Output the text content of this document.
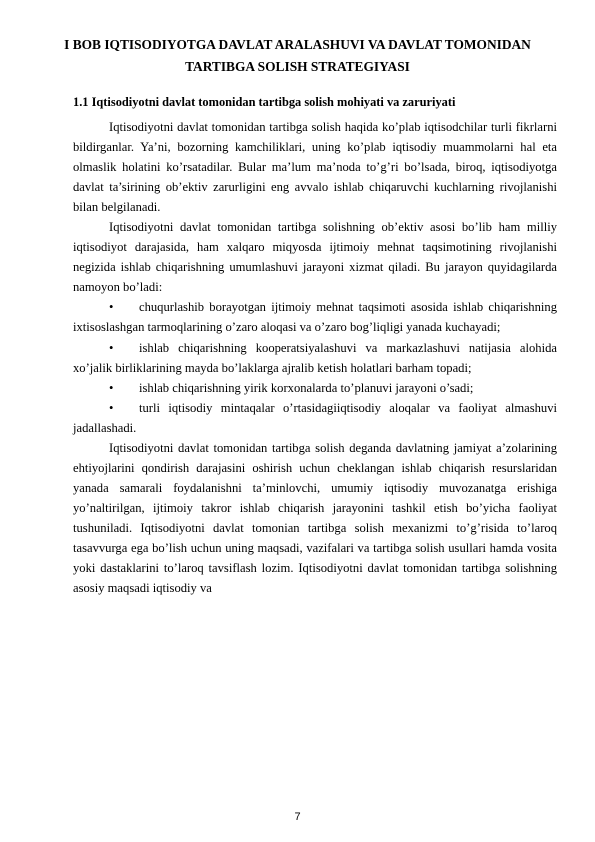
I BOB IQTISODIYOTGA DAVLAT ARALASHUVI VA DAVLAT TOMONIDAN TARTIBGA SOLISH STRATEGIYASI
1.1 Iqtisodiyotni davlat tomonidan tartibga solish mohiyati va zaruriyati

Iqtisodiyotni davlat tomonidan tartibga solish haqida ko’plab iqtisodchilar turli fikrlarni bildirganlar. Ya’ni, bozorning kamchiliklari, uning ko’plab iqtisodiy muammolarni hal eta olmaslik holatini ko’rsatadilar. Bular ma’lum ma’noda to’g’ri bo’lsada, biroq, iqtisodiyotga davlat ta’sirining ob’ektiv zarurligini eng avvalo ishlab chiqaruvchi kuchlarning rivojlanishi bilan belgilanadi.

Iqtisodiyotni davlat tomonidan tartibga solishning ob’ektiv asosi bo’lib ham milliy iqtisodiyot darajasida, ham xalqaro miqyosda ijtimoiy mehnat taqsimotining rivojlanishi negizida ishlab chiqarishning umumlashuvi jarayoni xizmat qiladi. Bu jarayon quyidagilarda namoyon bo’ladi:

• chuqurlashib borayotgan ijtimoiy mehnat taqsimoti asosida ishlab chiqarishning ixtisoslashgan tarmoqlarining o’zaro aloqasi va o’zaro bog’liqligi yanada kuchayadi;

• ishlab chiqarishning kooperatsiyalashuvi va markazlashuvi natijasia alohida xo’jalik birliklarining mayda bo’laklarga ajralib ketish holatlari barham topadi;

• ishlab chiqarishning yirik korxonalarda to’planuvi jarayoni o’sadi;

• turli iqtisodiy mintaqalar o’rtasidagiiqtisodiy aloqalar va faoliyat almashuvi jadallashadi.

Iqtisodiyotni davlat tomonidan tartibga solish deganda davlatning jamiyat a’zolarining ehtiyojlarini qondirish darajasini oshirish uchun cheklangan ishlab chiqarish resurslaridan yanada samarali foydalanishni ta’minlovchi, umumiy iqtisodiy muvozanatga erishiga yo’naltirilgan, ijtimoiy takror ishlab chiqarish jarayonini tashkil etish bo’yicha faoliyat tushuniladi. Iqtisodiyotni davlat tomonian tartibga solish mexanizmi to’g’risida to’laroq tasavvurga ega bo’lish uchun uning maqsadi, vazifalari va tartibga solish usullari hamda vosita yoki dastaklarini to’laroq tavsiflash lozim. Iqtisodiyotni davlat tomonidan tartibga solishning asosiy maqsadi iqtisodiy va

7
